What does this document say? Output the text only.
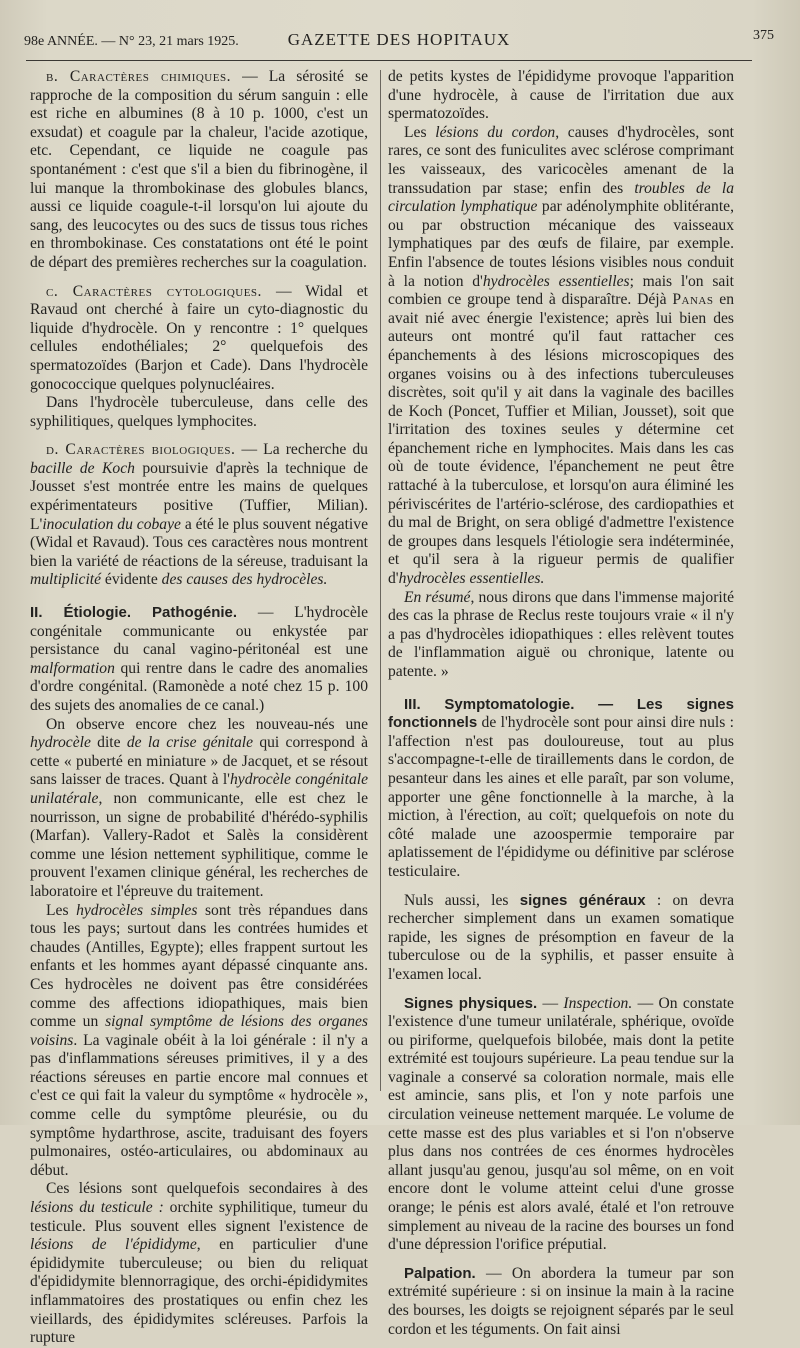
98e ANNÉE. — N° 23, 21 mars 1925.	GAZETTE DES HOPITAUX	375

b. Caractères chimiques. — La sérosité se rapproche de la composition du sérum sanguin : elle est riche en albumines (8 à 10 p. 1000, c'est un exsudat) et coagule par la chaleur, l'acide azotique, etc. Cependant, ce liquide ne coagule pas spontanément : c'est que s'il a bien du fibrinogène, il lui manque la thrombokinase des globules blancs, aussi ce liquide coagule-t-il lorsqu'on lui ajoute du sang, des leucocytes ou des sucs de tissus tous riches en thrombokinase. Ces constatations ont été le point de départ des premières recherches sur la coagulation.

c. Caractères cytologiques. — Widal et Ravaud ont cherché à faire un cyto-diagnostic du liquide d'hydrocèle. On y rencontre : 1° quelques cellules endothéliales; 2° quelquefois des spermatozoïdes (Barjon et Cade). Dans l'hydrocèle gonococcique quelques polynucléaires.

Dans l'hydrocèle tuberculeuse, dans celle des syphilitiques, quelques lymphocites.

d. Caractères biologiques. — La recherche du bacille de Koch poursuivie d'après la technique de Jousset s'est montrée entre les mains de quelques expérimentateurs positive (Tuffier, Milian). L'inoculation du cobaye a été le plus souvent négative (Widal et Ravaud). Tous ces caractères nous montrent bien la variété de réactions de la séreuse, traduisant la multiplicité évidente des causes des hydrocèles.

II. Étiologie. Pathogénie. — L'hydrocèle congénitale communicante ou enkystée par persistance du canal vagino-péritonéal est une malformation qui rentre dans le cadre des anomalies d'ordre congénital. (Ramonède a noté chez 15 p. 100 des sujets des anomalies de ce canal.)

On observe encore chez les nouveau-nés une hydrocèle dite de la crise génitale qui correspond à cette « puberté en miniature » de Jacquet, et se résout sans laisser de traces. Quant à l'hydrocèle congénitale unilatérale, non communicante, elle est chez le nourrisson, un signe de probabilité d'hérédo-syphilis (Marfan). Vallery-Radot et Salès la considèrent comme une lésion nettement syphilitique, comme le prouvent l'examen clinique général, les recherches de laboratoire et l'épreuve du traitement.

Les hydrocèles simples sont très répandues dans tous les pays; surtout dans les contrées humides et chaudes (Antilles, Egypte); elles frappent surtout les enfants et les hommes ayant dépassé cinquante ans. Ces hydrocèles ne doivent pas être considérées comme des affections idiopathiques, mais bien comme un signal symptôme de lésions des organes voisins. La vaginale obéit à la loi générale : il n'y a pas d'inflammations séreuses primitives, il y a des réactions séreuses en partie encore mal connues et c'est ce qui fait la valeur du symptôme « hydrocèle », comme celle du symptôme pleurésie, ou du symptôme hydarthrose, ascite, traduisant des foyers pulmonaires, ostéo-articulaires, ou abdominaux au début.

Ces lésions sont quelquefois secondaires à des lésions du testicule : orchite syphilitique, tumeur du testicule. Plus souvent elles signent l'existence de lésions de l'épididyme, en particulier d'une épididymite tuberculeuse; ou bien du reliquat d'épididymite blennorragique, des orchi-épididymites inflammatoires des prostatiques ou enfin chez les vieillards, des épididymites scléreuses. Parfois la rupture

de petits kystes de l'épididyme provoque l'apparition d'une hydrocèle, à cause de l'irritation due aux spermatozoïdes.

Les lésions du cordon, causes d'hydrocèles, sont rares, ce sont des funiculites avec sclérose comprimant les vaisseaux, des varicocèles amenant de la transsudation par stase; enfin des troubles de la circulation lymphatique par adénolymphite oblitérante, ou par obstruction mécanique des vaisseaux lymphatiques par des œufs de filaire, par exemple. Enfin l'absence de toutes lésions visibles nous conduit à la notion d'hydrocèles essentielles; mais l'on sait combien ce groupe tend à disparaître. Déjà Panas en avait nié avec énergie l'existence; après lui bien des auteurs ont montré qu'il faut rattacher ces épanchements à des lésions microscopiques des organes voisins ou à des infections tuberculeuses discrètes, soit qu'il y ait dans la vaginale des bacilles de Koch (Poncet, Tuffier et Milian, Jousset), soit que l'irritation des toxines seules y détermine cet épanchement riche en lymphocites. Mais dans les cas où de toute évidence, l'épanchement ne peut être rattaché à la tuberculose, et lorsqu'on aura éliminé les périviscérites de l'artério-sclérose, des cardiopathies et du mal de Bright, on sera obligé d'admettre l'existence de groupes dans lesquels l'étiologie sera indéterminée, et qu'il sera à la rigueur permis de qualifier d'hydrocèles essentielles.

En résumé, nous dirons que dans l'immense majorité des cas la phrase de Reclus reste toujours vraie « il n'y a pas d'hydrocèles idiopathiques : elles relèvent toutes de l'inflammation aiguë ou chronique, latente ou patente. »

III. Symptomatologie. — Les signes fonctionnels de l'hydrocèle sont pour ainsi dire nuls : l'affection n'est pas douloureuse, tout au plus s'accompagne-t-elle de tiraillements dans le cordon, de pesanteur dans les aines et elle paraît, par son volume, apporter une gêne fonctionnelle à la marche, à la miction, à l'érection, au coït; quelquefois on note du côté malade une azoospermie temporaire par aplatissement de l'épididyme ou définitive par sclérose testiculaire.

Nuls aussi, les signes généraux : on devra rechercher simplement dans un examen somatique rapide, les signes de présomption en faveur de la tuberculose ou de la syphilis, et passer ensuite à l'examen local.

Signes physiques. — Inspection. — On constate l'existence d'une tumeur unilatérale, sphérique, ovoïde ou piriforme, quelquefois bilobée, mais dont la petite extrémité est toujours supérieure. La peau tendue sur la vaginale a conservé sa coloration normale, mais elle est amincie, sans plis, et l'on y note parfois une circulation veineuse nettement marquée. Le volume de cette masse est des plus variables et si l'on n'observe plus dans nos contrées de ces énormes hydrocèles allant jusqu'au genou, jusqu'au sol même, on en voit encore dont le volume atteint celui d'une grosse orange; le pénis est alors avalé, étalé et l'on retrouve simplement au niveau de la racine des bourses un fond d'une dépression l'orifice préputial.

Palpation. — On abordera la tumeur par son extrémité supérieure : si on insinue la main à la racine des bourses, les doigts se rejoignent séparés par le seul cordon et les téguments. On fait ainsi
